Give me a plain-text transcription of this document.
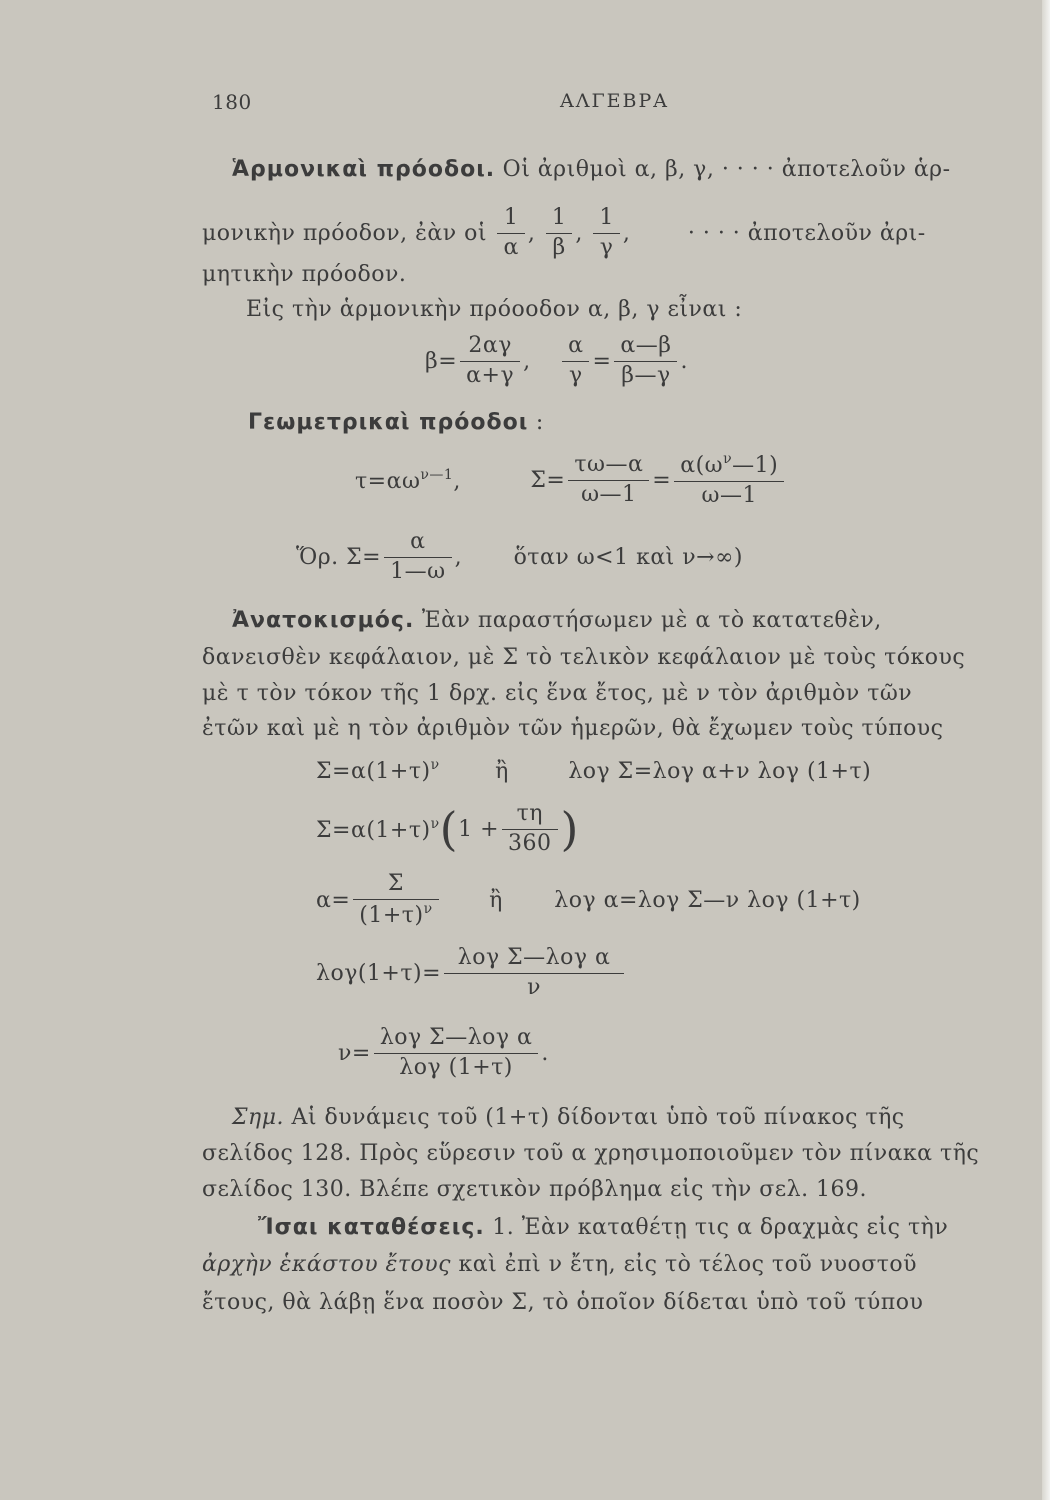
180	ΑΛΓΕΒΡΑ
Ἁρμονικαὶ πρόοδοι. Οἱ ἀριθμοὶ α, β, γ, · · · · ἀποτελοῦν ἁρ-
μονικὴν πρόοδον, ἐὰν οἱ $\frac{1}{\alpha}$ , $\frac{1}{\beta}$ , $\frac{1}{\gamma}$ ,	· · · · ἀποτελοῦν ἀρι-
μητικὴν πρόοδον.
Εἰς τὴν ἁρμονικὴν πρόοοδον α, β, γ εἶναι :
$\beta= \frac{2\alpha\gamma}{\alpha+\gamma}$ , $\frac{\alpha}{\gamma} = \frac{\alpha—\beta}{\beta—\gamma}$ .
Γεωμετρικαὶ πρόοδοι :
$\tau=\alpha\omega^{\nu—1}$,	$\Sigma= \frac{\tau\omega—\alpha}{\omega—1} = \frac{\alpha(\omega^\nu—1)}{\omega—1}$
Ὅρ. $\Sigma= \frac{\alpha}{1—\omega}$ , ὅταν ω<1 καὶ ν→∞)
Ἀνατοκισμός. Ἐὰν παραστήσωμεν μὲ α τὸ κατατεθὲν,
δανεισθὲν κεφάλαιον, μὲ Σ τὸ τελικὸν κεφάλαιον μὲ τοὺς τόκους
μὲ τ τὸν τόκον τῆς 1 δρχ. εἰς ἕνα ἔτος, μὲ ν τὸν ἀριθμὸν τῶν
ἐτῶν καὶ μὲ η τὸν ἀριθμὸν τῶν ἡμερῶν, θὰ ἔχωμεν τοὺς τύπους
$\Sigma=\alpha(1+\tau)^\nu$	ἢ	λογ Σ=λογ α+ν λογ (1+τ)
$\Sigma=\alpha(1+\tau)^\nu(1 + \frac{\tau\eta}{360}$ )
$\alpha= \frac{\Sigma}{(1+\tau)^\nu}$ ἢ λογ α=λογ Σ—ν λογ (1+τ)
$\lambda o\gamma(1+\tau)= \frac{\text{λογ Σ—λογ α}}{\nu}$
$\nu= \frac{\text{λογ Σ—λογ α}}{\text{λογ (1+τ)}}$ .
Σημ. Αἱ δυνάμεις τοῦ (1+τ) δίδονται ὑπὸ τοῦ πίνακος τῆς
σελίδος 128. Πρὸς εὕρεσιν τοῦ α χρησιμοποιοῦμεν τὸν πίνακα τῆς
σελίδος 130. Βλέπε σχετικὸν πρόβλημα εἰς τὴν σελ. 169.
Ἴσαι καταθέσεις. 1. Ἐὰν καταθέτῃ τις α δραχμὰς εἰς τὴν
ἀρχὴν ἑκάστου ἔτους καὶ ἐπὶ ν ἔτη, εἰς τὸ τέλος τοῦ νυοστοῦ
ἔτους, θὰ λάβῃ ἕνα ποσὸν Σ, τὸ ὁποῖον δίδεται ὑπὸ τοῦ τύπου
